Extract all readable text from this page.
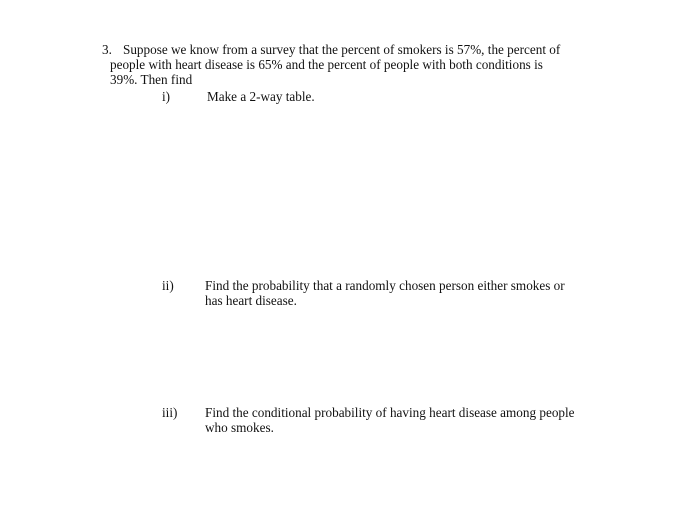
3. Suppose we know from a survey that the percent of smokers is 57%, the percent of
people with heart disease is 65% and the percent of people with both conditions is
39%. Then find
i)	Make a 2-way table.
ii) Find the probability that a randomly chosen person either smokes or
has heart disease.
iii) Find the conditional probability of having heart disease among people
who smokes.
